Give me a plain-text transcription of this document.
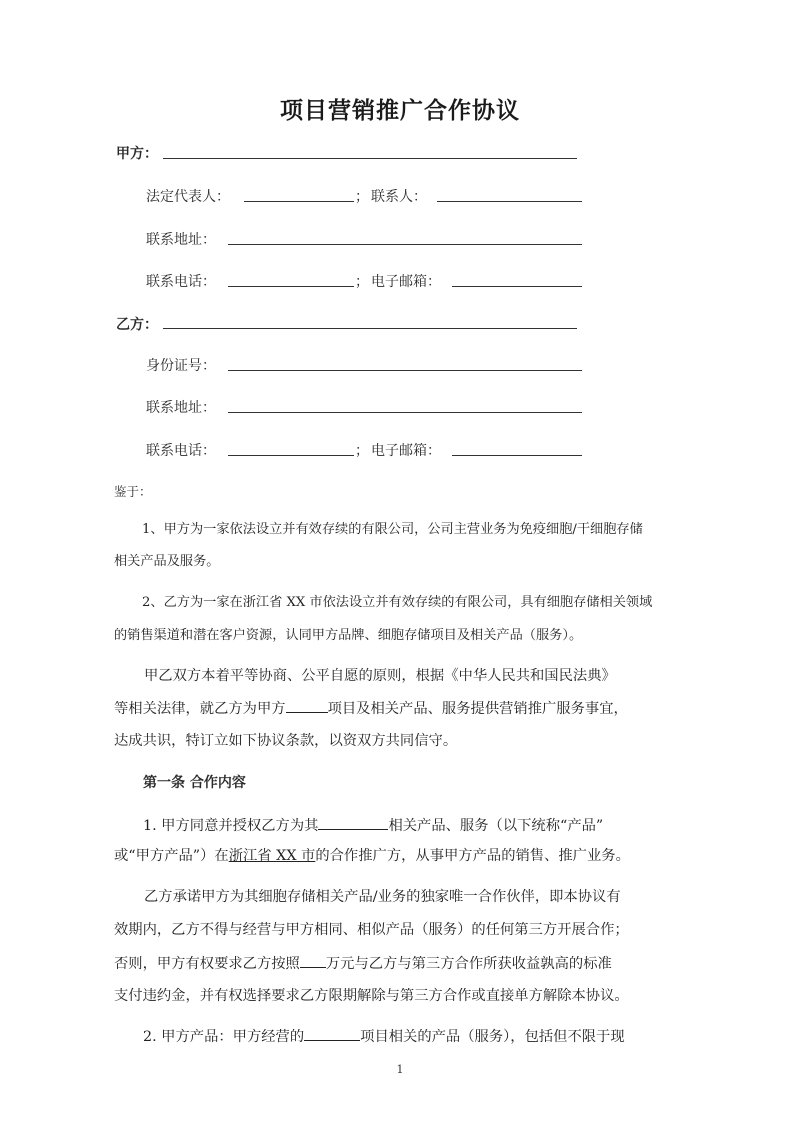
项目营销推广合作协议
甲方：
法定代表人：	； 联系人：
联系地址：
联系电话：	； 电子邮箱：
乙方：
身份证号：
联系地址：
联系电话：	； 电子邮箱：
鉴于：
1、甲方为一家依法设立并有效存续的有限公司，公司主营业务为免疫细胞/干细胞存储
相关产品及服务。
2、乙方为一家在浙江省 XX 市依法设立并有效存续的有限公司，具有细胞存储相关领域
的销售渠道和潜在客户资源，认同甲方品牌、细胞存储项目及相关产品（服务）。
甲乙双方本着平等协商、公平自愿的原则，根据《中华人民共和国民法典》
等相关法律，就乙方为甲方	项目及相关产品、服务提供营销推广服务事宜，
达成共识，特订立如下协议条款，以资双方共同信守。
第一条 合作内容
1. 甲方同意并授权乙方为其	相关产品、服务（以下统称“产品”
或“甲方产品”）在浙江省 XX 市的合作推广方，从事甲方产品的销售、推广业务。
乙方承诺甲方为其细胞存储相关产品/业务的独家唯一合作伙伴，即本协议有
效期内，乙方不得与经营与甲方相同、相似产品（服务）的任何第三方开展合作；
否则，甲方有权要求乙方按照 万元与乙方与第三方合作所获收益孰高的标准
支付违约金，并有权选择要求乙方限期解除与第三方合作或直接单方解除本协议。
2. 甲方产品：甲方经营的	项目相关的产品（服务），包括但不限于现
1
